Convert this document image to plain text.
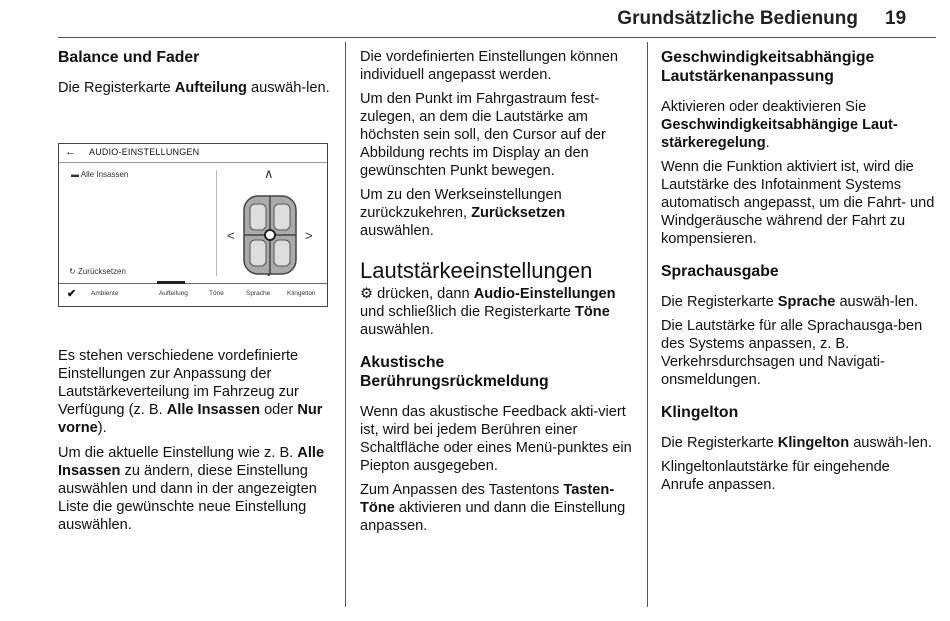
Grundsätzliche Bedienung 19
Balance und Fader

Die Registerkarte Aufteilung auswäh-len.

← AUDIO-EINSTELLUNGEN
▬ Alle Insassen
↻ Zurücksetzen
∧
<	>
✔ Ambiente	Aufteilung	Töne	Sprache	Klingelton

Es stehen verschiedene vordefinierte Einstellungen zur Anpassung der Lautstärkeverteilung im Fahrzeug zur Verfügung (z. B. Alle Insassen oder Nur vorne).

Um die aktuelle Einstellung wie z. B. Alle Insassen zu ändern, diese Einstellung auswählen und dann in der angezeigten Liste die gewünschte neue Einstellung auswählen.

Die vordefinierten Einstellungen können individuell angepasst werden.

Um den Punkt im Fahrgastraum fest-zulegen, an dem die Lautstärke am höchsten sein soll, den Cursor auf der Abbildung rechts im Display an den gewünschten Punkt bewegen.

Um zu den Werkseinstellungen zurückzukehren, Zurücksetzen auswählen.

Lautstärkeeinstellungen

⚙ drücken, dann Audio-Einstellungen und schließlich die Registerkarte Töne auswählen.

Akustische Berührungsrückmeldung

Wenn das akustische Feedback akti-viert ist, wird bei jedem Berühren einer Schaltfläche oder eines Menü-punktes ein Piepton ausgegeben.

Zum Anpassen des Tastentons Tasten-Töne aktivieren und dann die Einstellung anpassen.

Geschwindigkeitsabhängige Lautstärkenanpassung

Aktivieren oder deaktivieren Sie Geschwindigkeitsabhängige Laut-stärkeregelung.

Wenn die Funktion aktiviert ist, wird die Lautstärke des Infotainment Systems automatisch angepasst, um die Fahrt- und Windgeräusche während der Fahrt zu kompensieren.

Sprachausgabe

Die Registerkarte Sprache auswäh-len.

Die Lautstärke für alle Sprachausga-ben des Systems anpassen, z. B. Verkehrsdurchsagen und Navigati-onsmeldungen.

Klingelton

Die Registerkarte Klingelton auswäh-len.

Klingeltonlautstärke für eingehende Anrufe anpassen.
